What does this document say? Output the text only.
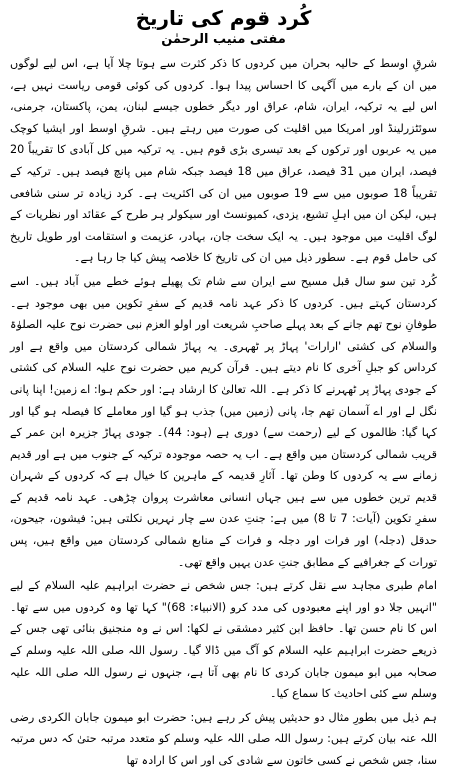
کُرد قوم کی تاریخ
مفتی منیب الرحمٰن

شرقِ اوسط کے حالیہ بحران میں کردوں کا ذکر کثرت سے ہوتا چلا آیا ہے، اس لیے لوگوں میں ان کے بارے میں آگہی کا احساس پیدا ہوا۔ کردوں کی کوئی قومی ریاست نہیں ہے، اس لیے یہ ترکیہ، ایران، شام، عراق اور دیگر خطوں جیسے لبنان، یمن، پاکستان، جرمنی، سوئٹزرلینڈ اور امریکا میں اقلیت کی صورت میں رہتے ہیں۔ شرقِ اوسط اور ایشیا کوچک میں یہ عربوں اور ترکوں کے بعد تیسری بڑی قوم ہیں۔ یہ ترکیہ میں کل آبادی کا تقریباً 20 فیصد، ایران میں 31 فیصد، عراق میں 18 فیصد جبکہ شام میں پانچ فیصد ہیں۔ ترکیہ کے تقریباً 18 صوبوں میں سے 19 صوبوں میں ان کی اکثریت ہے۔ کرد زیادہ تر سنی شافعی ہیں، لیکن ان میں اہلِ تشیع، یزدی، کمیونسٹ اور سیکولر ہر طرح کے عقائد اور نظریات کے لوگ اقلیت میں موجود ہیں۔ یہ ایک سخت جان، بہادر، عزیمت و استقامت اور طویل تاریخ کی حامل قوم ہے۔ سطور ذیل میں ان کی تاریخ کا خلاصہ پیش کیا جا رہا ہے۔

کُرد تین سو سال قبل مسیح سے ایران سے شام تک پھیلے ہوئے خطے میں آباد ہیں۔ اسے کردستان کہتے ہیں۔ کردوں کا ذکر عہد نامہ قدیم کے سفرِ تکوین میں بھی موجود ہے۔ طوفانِ نوح تھم جانے کے بعد پہلے صاحبِ شریعت اور اولو العزم نبی حضرت نوح علیہ الصلوٰۃ والسلام کی کشتی 'ارارات' پہاڑ پر ٹھہری۔ یہ پہاڑ شمالی کردستان میں واقع ہے اور کرداس کو جبلِ آخری کا نام دیتے ہیں۔ قرآن کریم میں حضرت نوح علیہ السلام کی کشتی کے جودی پہاڑ پر ٹھہرنے کا ذکر ہے۔ اللہ تعالیٰ کا ارشاد ہے: اور حکم ہوا: اے زمین! اپنا پانی نگل لے اور اے آسمان تھم جا، پانی (زمین میں) جذب ہو گیا اور معاملے کا فیصلہ ہو گیا اور کہا گیا: ظالموں کے لیے (رحمت سے) دوری ہے (ہود: 44)۔ جودی پہاڑ جزیرہ ابن عمر کے قریب شمالی کردستان میں واقع ہے۔ اب یہ حصہ موجودہ ترکیہ کے جنوب میں ہے اور قدیم زمانے سے یہ کردوں کا وطن تھا۔ آثارِ قدیمہ کے ماہرین کا خیال ہے کہ کردوں کے شہران قدیم ترین خطوں میں سے ہیں جہاں انسانی معاشرت پروان چڑھی۔ عہد نامہ قدیم کے سفرِ تکوین (آیات: 7 تا 8) میں ہے: جنتِ عدن سے چار نہریں نکلتی ہیں: فیشون، جیحون، حدقل (دجلہ) اور فرات اور دجلہ و فرات کے منابع شمالی کردستان میں واقع ہیں، پس تورات کے جغرافیے کے مطابق جنتِ عدن یہیں واقع تھی۔

امام طبری مجاہد سے نقل کرتے ہیں: جس شخص نے حضرت ابراہیم علیہ السلام کے لیے "انہیں جلا دو اور اپنے معبودوں کی مدد کرو (الانبیاء: 68)" کہا تھا وہ کردوں میں سے تھا۔ اس کا نام حسن تھا۔ حافظ ابن کثیر دمشقی نے لکھا: اس نے وہ منجنیق بنائی تھی جس کے ذریعے حضرت ابراہیم علیہ السلام کو آگ میں ڈالا گیا۔ رسول اللہ صلی اللہ علیہ وسلم کے صحابہ میں ابو میمون جابان کردی کا نام بھی آتا ہے، جنہوں نے رسول اللہ صلی اللہ علیہ وسلم سے کئی احادیث کا سماع کیا۔

ہم ذیل میں بطورِ مثال دو حدیثیں پیش کر رہے ہیں: حضرت ابو میمون جابان الکردی رضی اللہ عنہ بیان کرتے ہیں: رسول اللہ صلی اللہ علیہ وسلم کو متعدد مرتبہ حتیٰ کہ دس مرتبہ سنا، جس شخص نے کسی خاتون سے شادی کی اور اس کا ارادہ تھا
